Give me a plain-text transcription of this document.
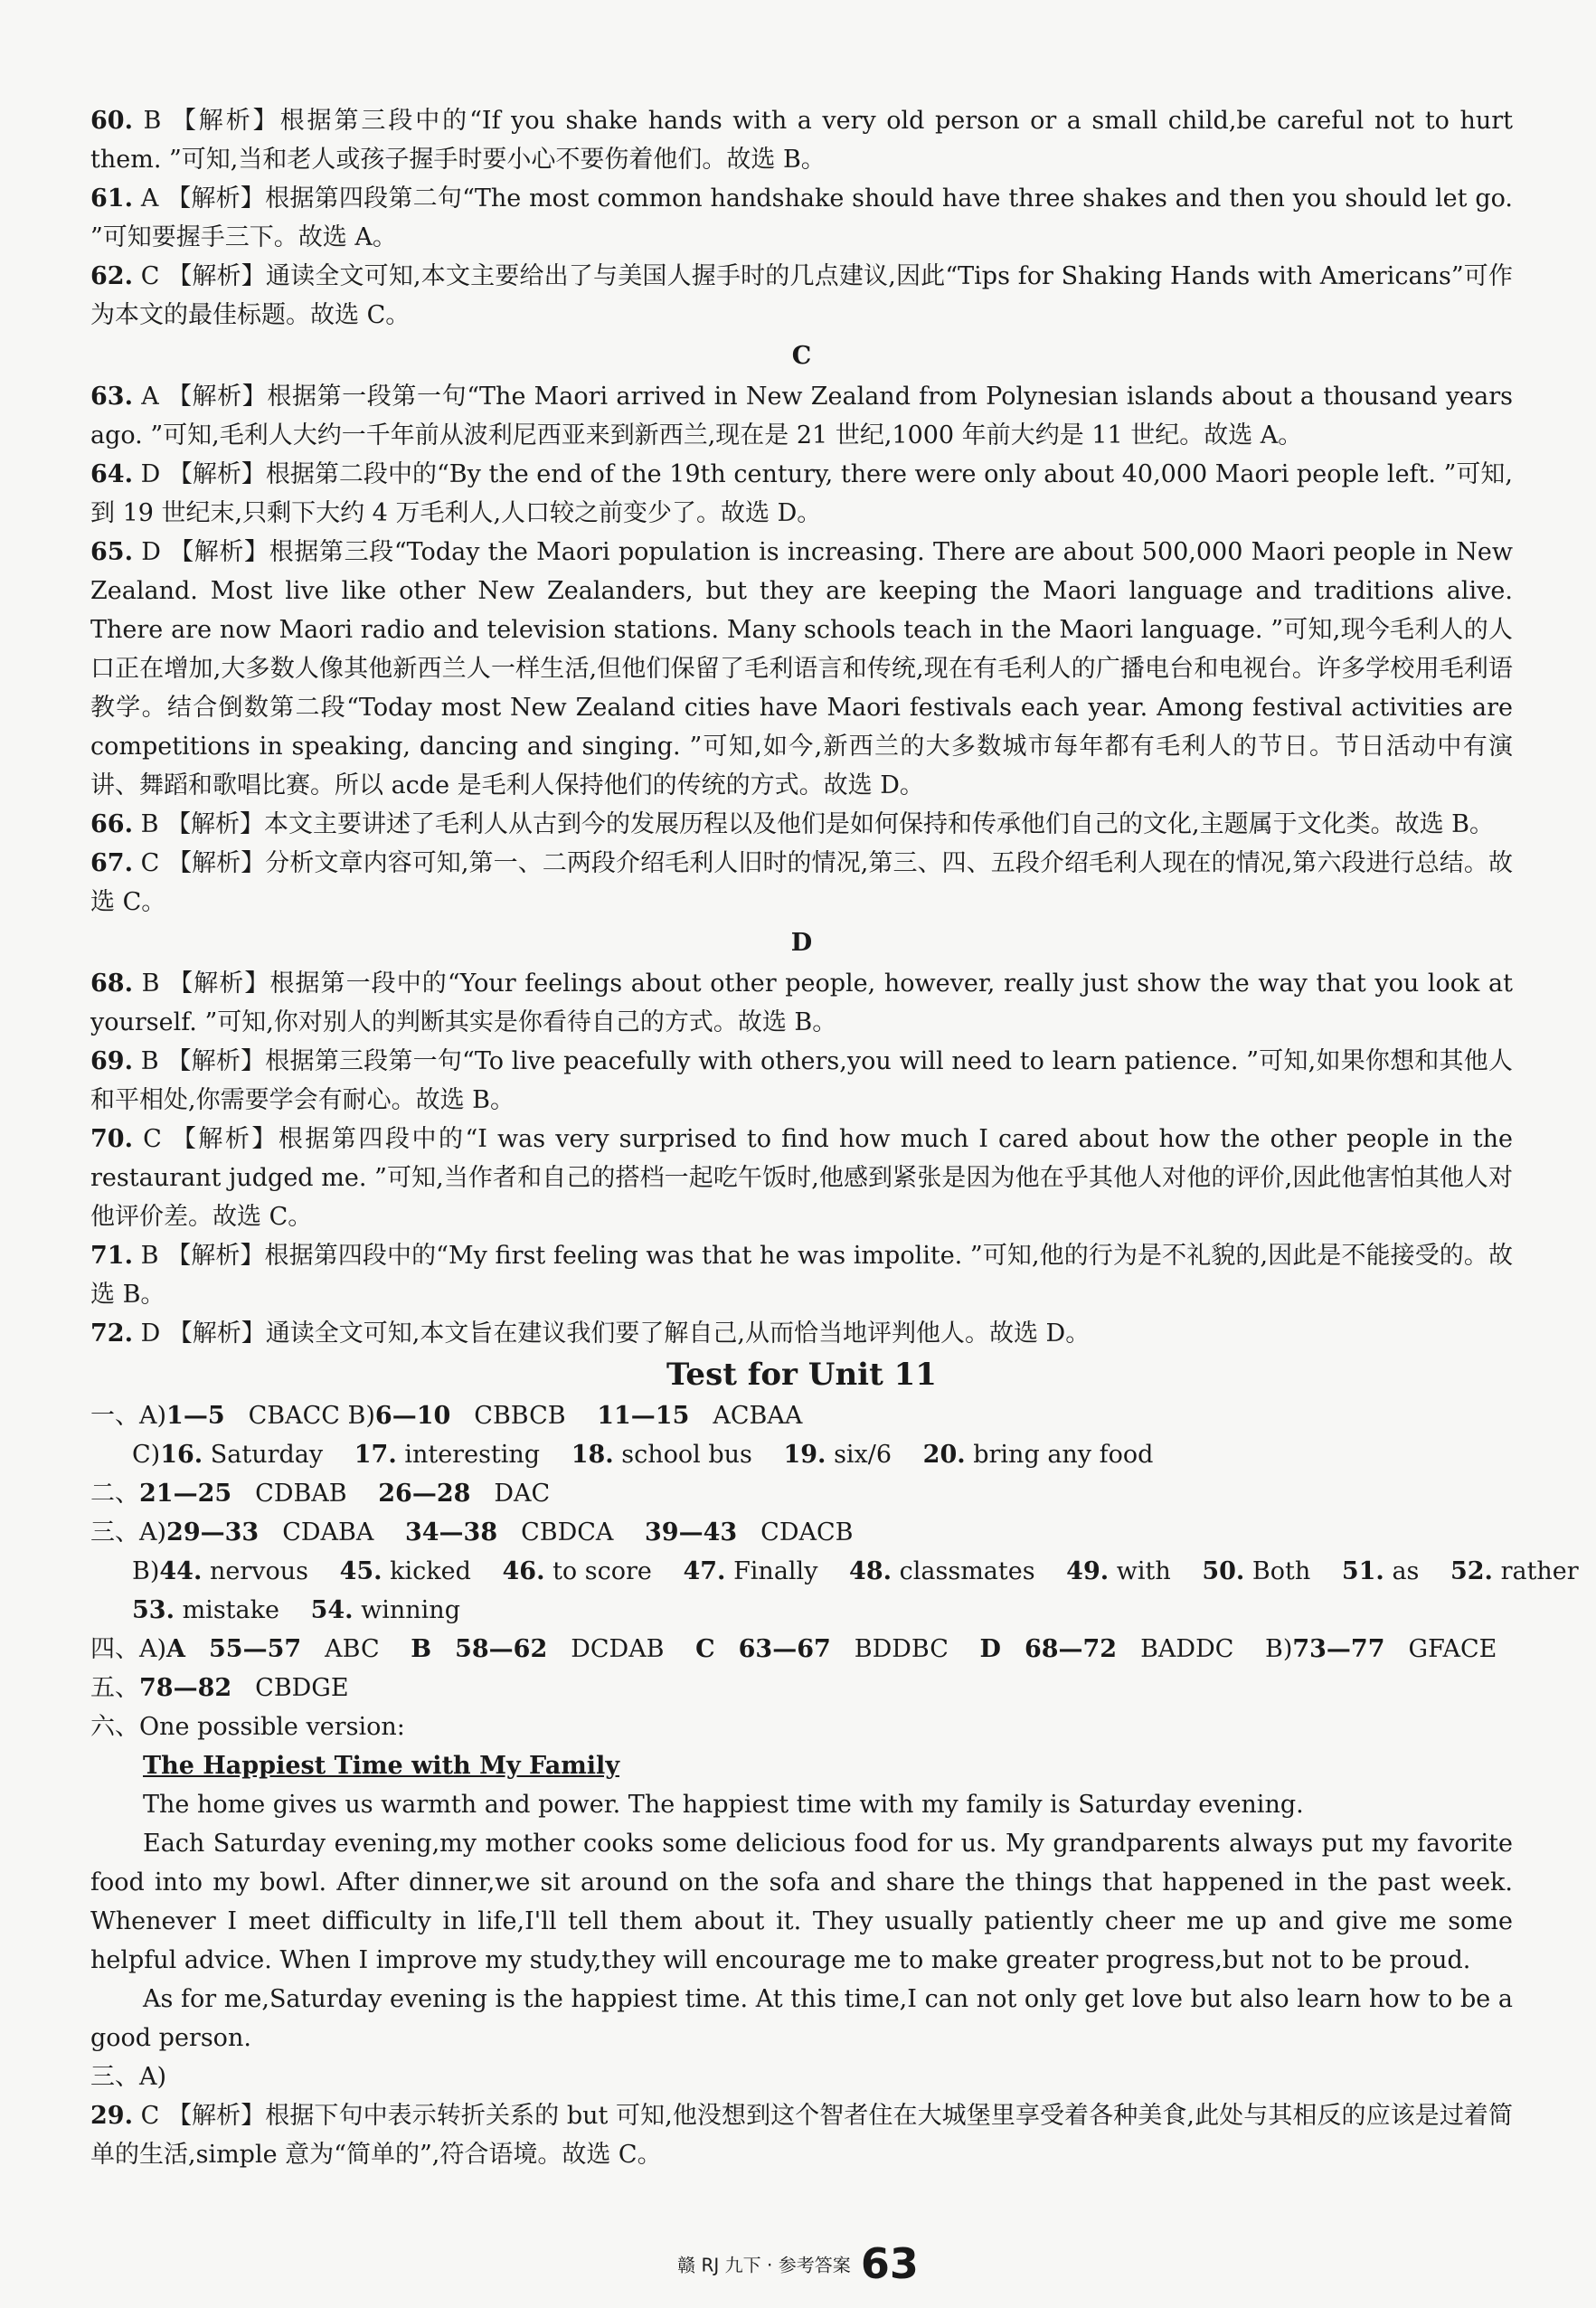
60. B 【解析】根据第三段中的“If you shake hands with a very old person or a small child,be careful not to hurt them. ”可知,当和老人或孩子握手时要小心不要伤着他们。故选 B。

61. A 【解析】根据第四段第二句“The most common handshake should have three shakes and then you should let go. ”可知要握手三下。故选 A。

62. C 【解析】通读全文可知,本文主要给出了与美国人握手时的几点建议,因此“Tips for Shaking Hands with Americans”可作为本文的最佳标题。故选 C。

C

63. A 【解析】根据第一段第一句“The Maori arrived in New Zealand from Polynesian islands about a thousand years ago. ”可知,毛利人大约一千年前从波利尼西亚来到新西兰,现在是 21 世纪,1000 年前大约是 11 世纪。故选 A。

64. D 【解析】根据第二段中的“By the end of the 19th century, there were only about 40,000 Maori people left. ”可知,到 19 世纪末,只剩下大约 4 万毛利人,人口较之前变少了。故选 D。

65. D 【解析】根据第三段“Today the Maori population is increasing. There are about 500,000 Maori people in New Zealand. Most live like other New Zealanders, but they are keeping the Maori language and traditions alive. There are now Maori radio and television stations. Many schools teach in the Maori language. ”可知,现今毛利人的人口正在增加,大多数人像其他新西兰人一样生活,但他们保留了毛利语言和传统,现在有毛利人的广播电台和电视台。许多学校用毛利语教学。结合倒数第二段“Today most New Zealand cities have Maori festivals each year. Among festival activities are competitions in speaking, dancing and singing. ”可知,如今,新西兰的大多数城市每年都有毛利人的节日。节日活动中有演讲、舞蹈和歌唱比赛。所以 acde 是毛利人保持他们的传统的方式。故选 D。

66. B 【解析】本文主要讲述了毛利人从古到今的发展历程以及他们是如何保持和传承他们自己的文化,主题属于文化类。故选 B。

67. C 【解析】分析文章内容可知,第一、二两段介绍毛利人旧时的情况,第三、四、五段介绍毛利人现在的情况,第六段进行总结。故选 C。

D

68. B 【解析】根据第一段中的“Your feelings about other people, however, really just show the way that you look at yourself. ”可知,你对别人的判断其实是你看待自己的方式。故选 B。

69. B 【解析】根据第三段第一句“To live peacefully with others,you will need to learn patience. ”可知,如果你想和其他人和平相处,你需要学会有耐心。故选 B。

70. C 【解析】根据第四段中的“I was very surprised to find how much I cared about how the other people in the restaurant judged me. ”可知,当作者和自己的搭档一起吃午饭时,他感到紧张是因为他在乎其他人对他的评价,因此他害怕其他人对他评价差。故选 C。

71. B 【解析】根据第四段中的“My first feeling was that he was impolite. ”可知,他的行为是不礼貌的,因此是不能接受的。故选 B。

72. D 【解析】通读全文可知,本文旨在建议我们要了解自己,从而恰当地评判他人。故选 D。

Test for Unit 11

一、A)1—5 CBACC B)6—10 CBBCB 11—15 ACBAA

C)16. Saturday 17. interesting 18. school bus 19. six/6 20. bring any food

二、21—25 CDBAB 26—28 DAC

三、A)29—33 CDABA 34—38 CBDCA 39—43 CDACB

B)44. nervous 45. kicked 46. to score 47. Finally 48. classmates 49. with 50. Both 51. as 52. rather

53. mistake 54. winning

四、A)A 55—57 ABC B 58—62 DCDAB C 63—67 BDDBC D 68—72 BADDC B)73—77 GFACE

五、78—82 CBDGE

六、One possible version:

The Happiest Time with My Family

The home gives us warmth and power. The happiest time with my family is Saturday evening.

Each Saturday evening,my mother cooks some delicious food for us. My grandparents always put my favorite food into my bowl. After dinner,we sit around on the sofa and share the things that happened in the past week. Whenever I meet difficulty in life,I'll tell them about it. They usually patiently cheer me up and give me some helpful advice. When I improve my study,they will encourage me to make greater progress,but not to be proud.

As for me,Saturday evening is the happiest time. At this time,I can not only get love but also learn how to be a good person.

三、A)

29. C 【解析】根据下句中表示转折关系的 but 可知,他没想到这个智者住在大城堡里享受着各种美食,此处与其相反的应该是过着简单的生活,simple 意为“简单的”,符合语境。故选 C。

赣 RJ 九下 · 参考答案 63
